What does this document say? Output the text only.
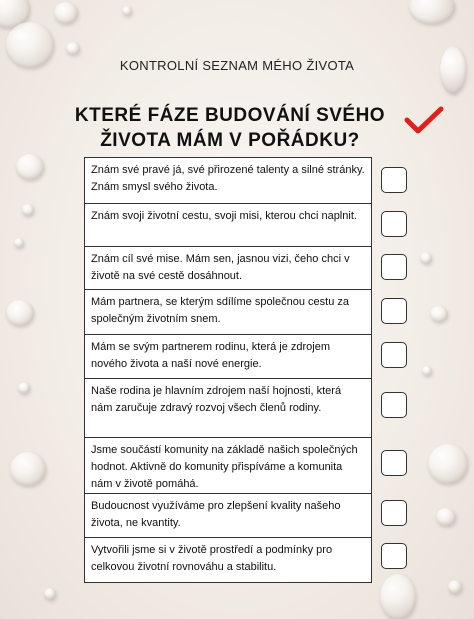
KONTROLNÍ SEZNAM MÉHO ŽIVOTA
KTERÉ FÁZE BUDOVÁNÍ SVÉHO
ŽIVOTA MÁM V POŘÁDKU?
Znám své pravé já, své přirozené talenty a silné stránky. Znám smysl svého života.
Znám svoji životní cestu, svoji misi, kterou chci naplnit.
Znám cíl své mise. Mám sen, jasnou vizi, čeho chci v životě na své cestě dosáhnout.
Mám partnera, se kterým sdílíme společnou cestu za společným životním snem.
Mám se svým partnerem rodinu, která je zdrojem nového života a naší nové energie.
Naše rodina je hlavním zdrojem naší hojnosti, která nám zaručuje zdravý rozvoj všech členů rodiny.
Jsme součástí komunity na základě našich společných hodnot. Aktivně do komunity přispíváme a komunita nám v životě pomáhá.
Budoucnost využíváme pro zlepšení kvality našeho života, ne kvantity.
Vytvořili jsme si v životě prostředí a podmínky pro celkovou životní rovnováhu a stabilitu.
